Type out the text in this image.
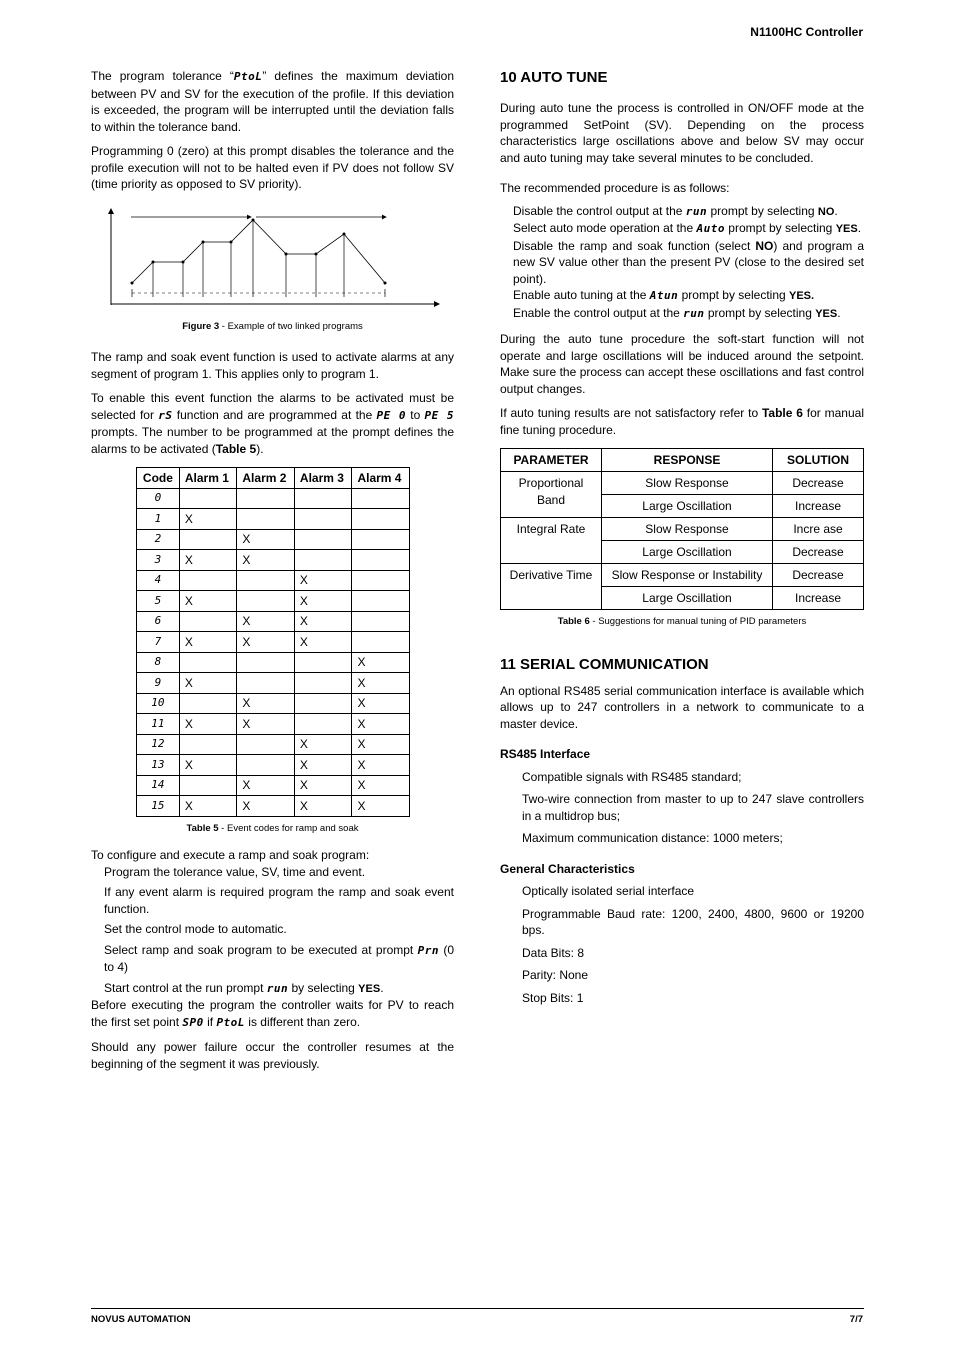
N1100HC Controller

The program tolerance “PtoL” defines the maximum deviation between PV and SV for the execution of the profile. If this deviation is exceeded, the program will be interrupted until the deviation falls to within the tolerance band.

Programming 0 (zero) at this prompt disables the tolerance and the profile execution will not to be halted even if PV does not follow SV (time priority as opposed to SV priority).

Figure 3 - Example of two linked programs

The ramp and soak event function is used to activate alarms at any segment of program 1. This applies only to program 1.

To enable this event function the alarms to be activated must be selected for rS function and are programmed at the PE 0 to PE 5 prompts. The number to be programmed at the prompt defines the alarms to be activated (Table 5).

Code	Alarm 1	Alarm 2	Alarm 3	Alarm 4
0				
1	X			
2		X		
3	X	X		
4			X	
5	X		X	
6		X	X	
7	X	X	X	
8				X
9	X			X
10		X		X
11	X	X		X
12			X	X
13	X		X	X
14		X	X	X
15	X	X	X	X
Table 5 - Event codes for ramp and soak

To configure and execute a ramp and soak program:

Program the tolerance value, SV, time and event.

If any event alarm is required program the ramp and soak event function.

Set the control mode to automatic.

Select ramp and soak program to be executed at prompt Prn (0 to 4)

Start control at the run prompt run by selecting YES.

Before executing the program the controller waits for PV to reach the first set point SP0 if PtoL is different than zero.

Should any power failure occur the controller resumes at the beginning of the segment it was previously.

10 AUTO TUNE

During auto tune the process is controlled in ON/OFF mode at the programmed SetPoint (SV). Depending on the process characteristics large oscillations above and below SV may occur and auto tuning may take several minutes to be concluded.

The recommended procedure is as follows:

Disable the control output at the run prompt by selecting NO.

Select auto mode operation at the Auto prompt by selecting YES.

Disable the ramp and soak function (select NO) and program a new SV value other than the present PV (close to the desired set point).

Enable auto tuning at the Atun prompt by selecting YES.

Enable the control output at the run prompt by selecting YES.

During the auto tune procedure the soft-start function will not operate and large oscillations will be induced around the setpoint. Make sure the process can accept these oscillations and fast control output changes.

If auto tuning results are not satisfactory refer to Table 6 for manual fine tuning procedure.

PARAMETER	RESPONSE	SOLUTION
Proportional Band	Slow Response	Decrease
	Large Oscillation	Increase
Integral Rate	Slow Response	Incre ase
	Large Oscillation	Decrease
Derivative Time	Slow Response or Instability	Decrease
	Large Oscillation	Increase
Table 6 - Suggestions for manual tuning of PID parameters
11 SERIAL COMMUNICATION

An optional RS485 serial communication interface is available which allows up to 247 controllers in a network to communicate to a master device.

RS485 Interface

Compatible signals with RS485 standard;

Two-wire connection from master to up to 247 slave controllers in a multidrop bus;

Maximum communication distance: 1000 meters;

General Characteristics

Optically isolated serial interface

Programmable Baud rate: 1200, 2400, 4800, 9600 or 19200 bps.

Data Bits: 8

Parity: None

Stop Bits: 1

NOVUS AUTOMATION	7/7
